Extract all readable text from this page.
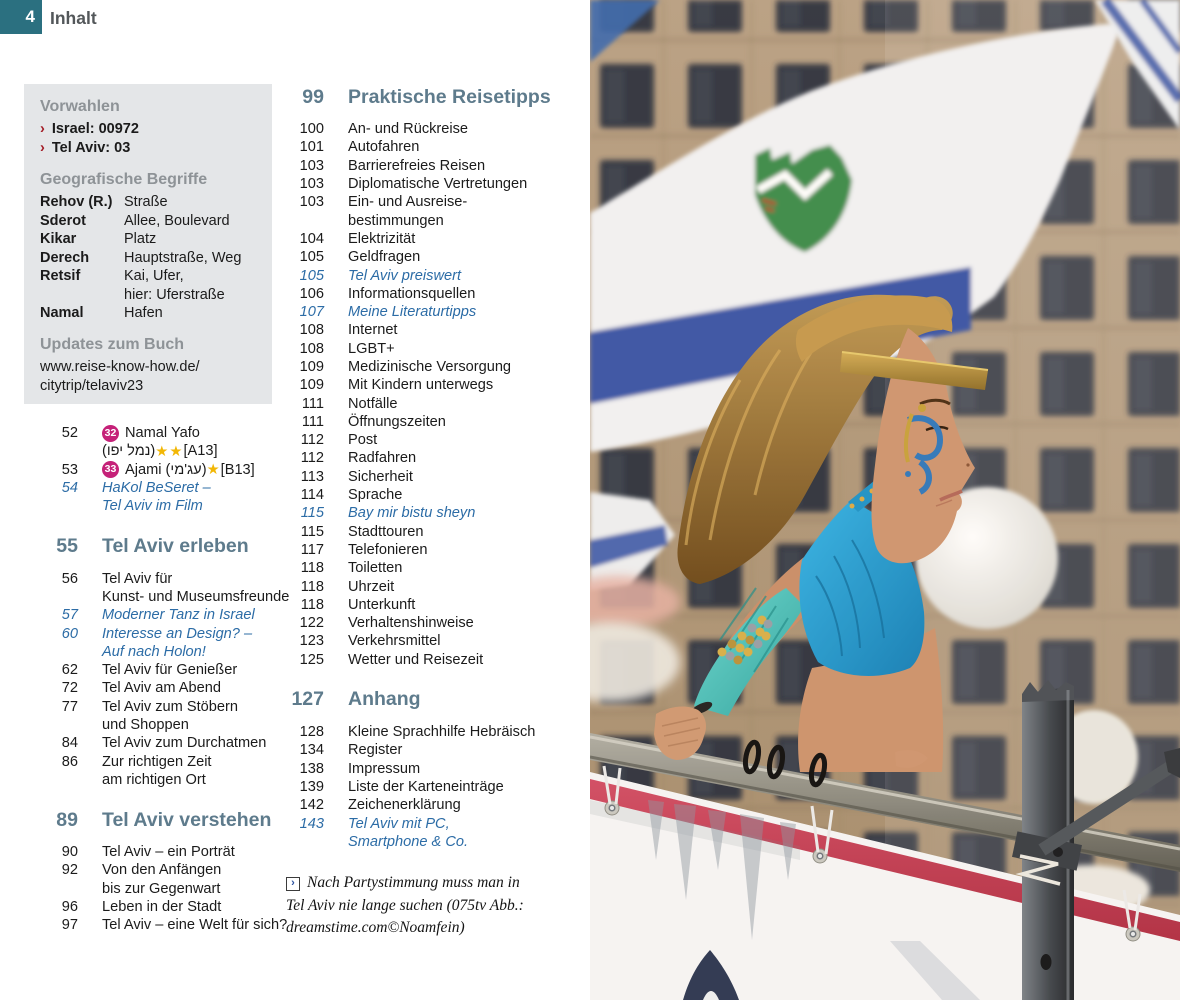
4 Inhalt
Vorwahlen
› Israel: 00972
› Tel Aviv: 03
Geografische Begriffe
Rehov (R.) Straße
Sderot	Allee, Boulevard
Kikar	Platz
Derech	Hauptstraße, Weg
Retsif	Kai, Ufer,
hier: Uferstraße
Namal	Hafen
Updates zum Buch
www.reise-know-how.de/
citytrip/telaviv23
52	32 Namal Yafo
(נמל יפו) ★★ [A13]
53	33 Ajami (עג'מי) ★ [B13]
54 HaKol BeSeret –
Tel Aviv im Film
55 Tel Aviv erleben
56 Tel Aviv für
Kunst- und Museumsfreunde
57 Moderner Tanz in Israel
60 Interesse an Design? –
Auf nach Holon!
62 Tel Aviv für Genießer
72 Tel Aviv am Abend
77 Tel Aviv zum Stöbern
und Shoppen
84 Tel Aviv zum Durchatmen
86 Zur richtigen Zeit
am richtigen Ort
89 Tel Aviv verstehen
90 Tel Aviv – ein Porträt
92 Von den Anfängen
bis zur Gegenwart
96 Leben in der Stadt
97 Tel Aviv – eine Welt für sich?
99 Praktische Reisetipps
100 An- und Rückreise
101 Autofahren
103 Barrierefreies Reisen
103 Diplomatische Vertretungen
103 Ein- und Ausreise-
bestimmungen
104 Elektrizität
105 Geldfragen
105 Tel Aviv preiswert
106 Informationsquellen
107 Meine Literaturtipps
108 Internet
108 LGBT+
109 Medizinische Versorgung
109 Mit Kindern unterwegs
111 Notfälle
111 Öffnungszeiten
112 Post
112 Radfahren
113 Sicherheit
114 Sprache
115 Bay mir bistu sheyn
115 Stadttouren
117 Telefonieren
118 Toiletten
118 Uhrzeit
118 Unterkunft
122 Verhaltenshinweise
123 Verkehrsmittel
125 Wetter und Reisezeit
127 Anhang
128 Kleine Sprachhilfe Hebräisch
134 Register
138 Impressum
139 Liste der Karteneinträge
142 Zeichenerklärung
143 Tel Aviv mit PC,
Smartphone & Co.
› Nach Partystimmung muss man in
Tel Aviv nie lange suchen (075tv Abb.:
dreamstime.com©Noamfein)
